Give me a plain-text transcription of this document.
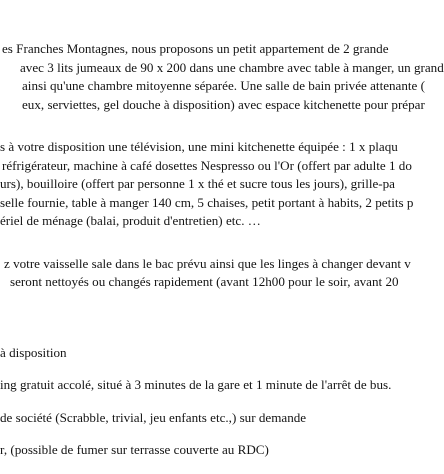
es Franches Montagnes, nous proposons un petit appartement de 2 grande
avec 3 lits jumeaux de 90 x 200 dans une chambre avec table à manger, un grand
ainsi qu'une chambre mitoyenne séparée. Une salle de bain privée attenante (
eux, serviettes, gel douche à disposition) avec espace kitchenette pour prépar
s à votre disposition une télévision, une mini kitchenette équipée : 1 x plaqu
réfrigérateur, machine à café dosettes Nespresso ou l'Or (offert par adulte 1 do
urs), bouilloire (offert par personne 1 x thé et sucre tous les jours), grille-pa
selle fournie, table à manger 140 cm, 5 chaises, petit portant à habits, 2 petits p
ériel de ménage (balai, produit d'entretien) etc. …
z votre vaisselle sale dans le bac prévu ainsi que les linges à changer devant v
seront nettoyés ou changés rapidement (avant 12h00 pour le soir, avant 20
à disposition
ing gratuit accolé, situé à 3 minutes de la gare et 1 minute de l'arrêt de bus.
de société (Scrabble, trivial, jeu enfants etc.,) sur demande
r, (possible de fumer sur terrasse couverte au RDC)
